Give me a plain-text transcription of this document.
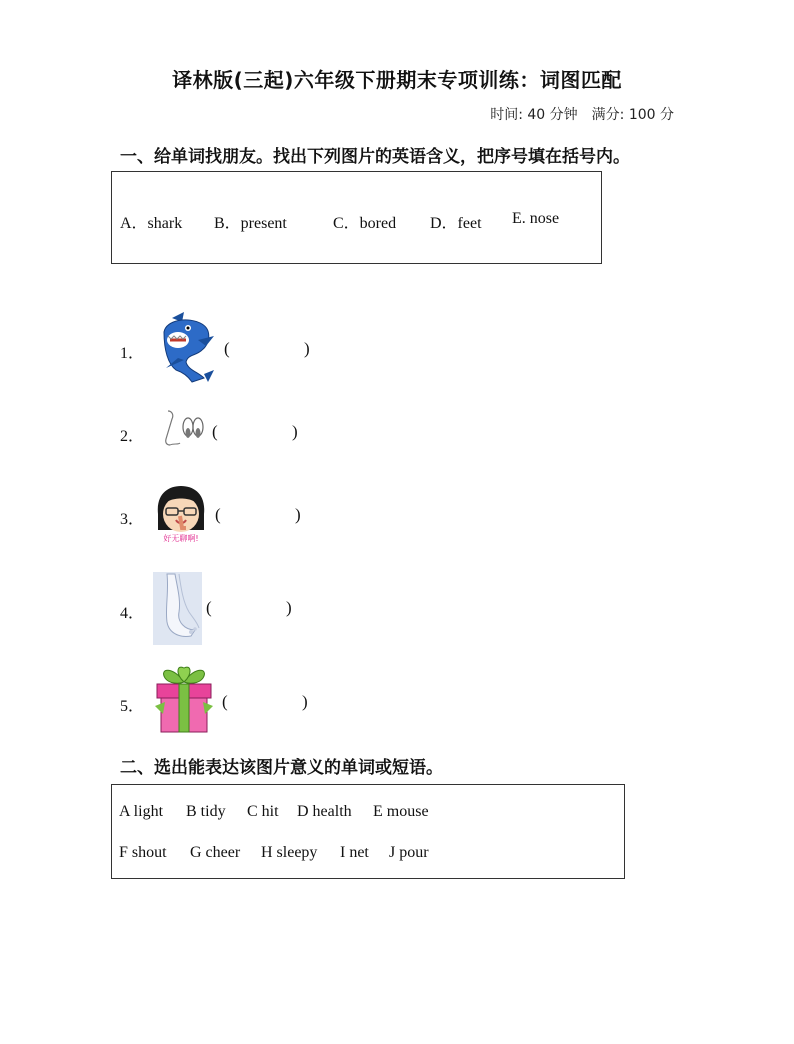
译林版(三起)六年级下册期末专项训练：词图匹配
时间: 40 分钟　满分: 100 分
一、给单词找朋友。找出下列图片的英语含义，把序号填在括号内。
A．shark B．present	C．bored D．feet E. nose
1．	(	)
2．	(	)
3．
好无聊啊!
(	)
4．	(	)
5．	(	)
二、选出能表达该图片意义的单词或短语。
A light B tidy C hit D health E mouse
F shout G cheer H sleepy I net J pour
